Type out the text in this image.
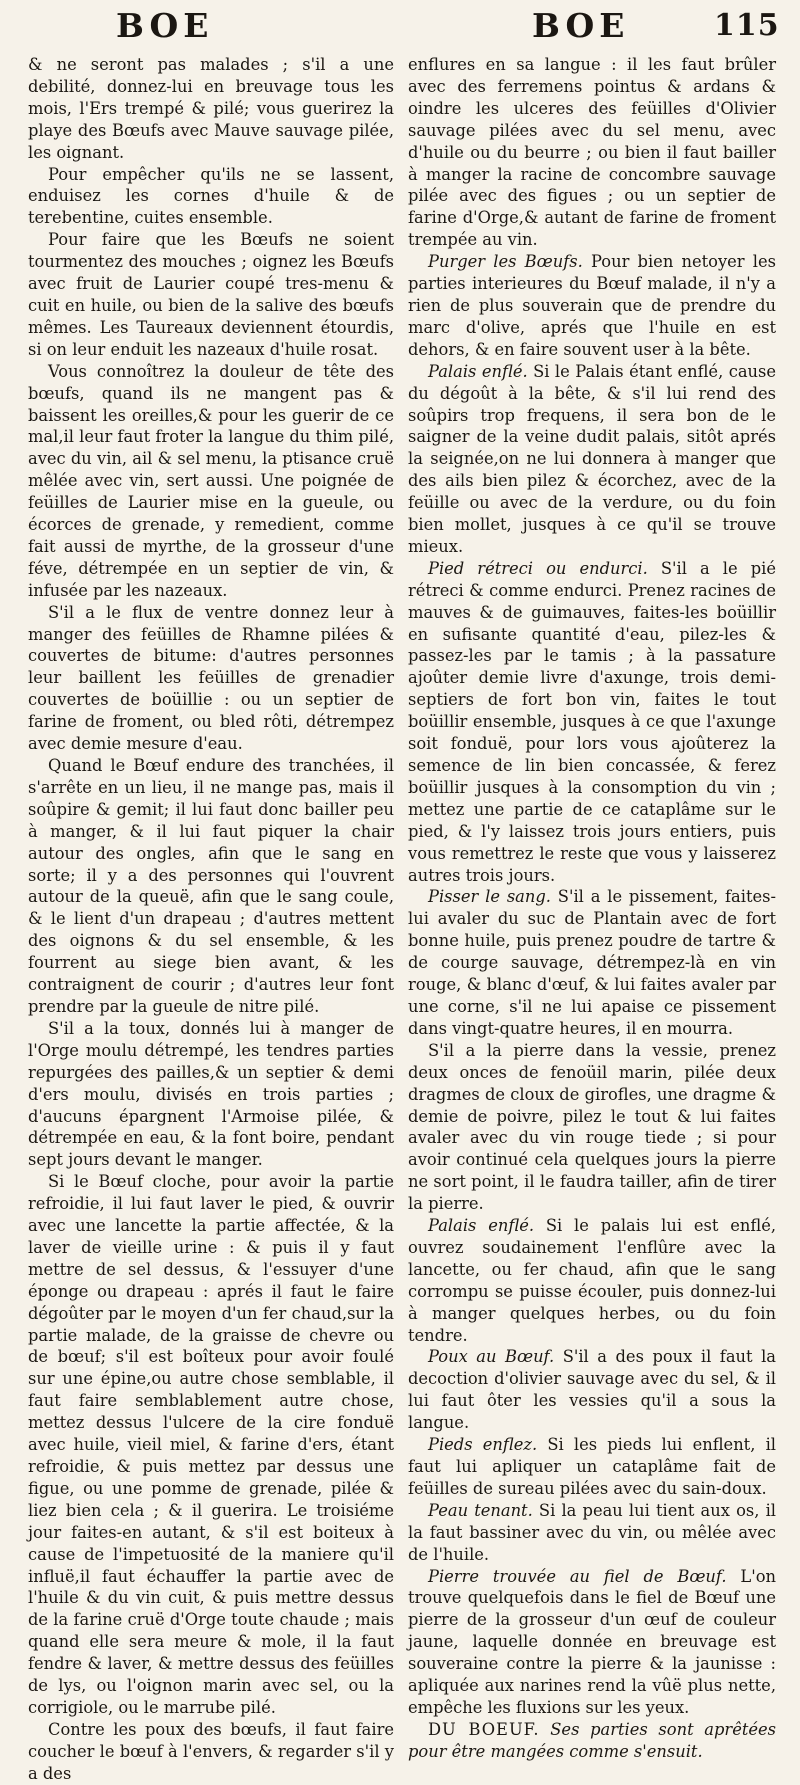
BOE	BOE	115

& ne seront pas malades ; s'il a une debilité, donnez-lui en breuvage tous les mois, l'Ers trempé & pilé; vous guerirez la playe des Bœufs avec Mauve sauvage pilée, les oignant.

Pour empêcher qu'ils ne se lassent, enduisez les cornes d'huile & de terebentine, cuites ensemble.

Pour faire que les Bœufs ne soient tourmentez des mouches ; oignez les Bœufs avec fruit de Laurier coupé tres-menu & cuit en huile, ou bien de la salive des bœufs mêmes. Les Taureaux deviennent étourdis, si on leur enduit les nazeaux d'huile rosat.

Vous connoîtrez la douleur de tête des bœufs, quand ils ne mangent pas & baissent les oreilles,& pour les guerir de ce mal,il leur faut froter la langue du thim pilé, avec du vin, ail & sel menu, la ptisance cruë mêlée avec vin, sert aussi. Une poignée de feüilles de Laurier mise en la gueule, ou écorces de grenade, y remedient, comme fait aussi de myrthe, de la grosseur d'une féve, détrempée en un septier de vin, & infusée par les nazeaux.

S'il a le flux de ventre donnez leur à manger des feüilles de Rhamne pilées & couvertes de bitume: d'autres personnes leur baillent les feüilles de grenadier couvertes de boüillie : ou un septier de farine de froment, ou bled rôti, détrempez avec demie mesure d'eau.

Quand le Bœuf endure des tranchées, il s'arrête en un lieu, il ne mange pas, mais il soûpire & gemit; il lui faut donc bailler peu à manger, & il lui faut piquer la chair autour des ongles, afin que le sang en sorte; il y a des personnes qui l'ouvrent autour de la queuë, afin que le sang coule, & le lient d'un drapeau ; d'autres mettent des oignons & du sel ensemble, & les fourrent au siege bien avant, & les contraignent de courir ; d'autres leur font prendre par la gueule de nitre pilé.

S'il a la toux, donnés lui à manger de l'Orge moulu détrempé, les tendres parties repurgées des pailles,& un septier & demi d'ers moulu, divisés en trois parties ; d'aucuns épargnent l'Armoise pilée, & détrempée en eau, & la font boire, pendant sept jours devant le manger.

Si le Bœuf cloche, pour avoir la partie refroidie, il lui faut laver le pied, & ouvrir avec une lancette la partie affectée, & la laver de vieille urine : & puis il y faut mettre de sel dessus, & l'essuyer d'une éponge ou drapeau : aprés il faut le faire dégoûter par le moyen d'un fer chaud,sur la partie malade, de la graisse de chevre ou de bœuf; s'il est boîteux pour avoir foulé sur une épine,ou autre chose semblable, il faut faire semblablement autre chose, mettez dessus l'ulcere de la cire fonduë avec huile, vieil miel, & farine d'ers, étant refroidie, & puis mettez par dessus une figue, ou une pomme de grenade, pilée & liez bien cela ; & il guerira. Le troisiéme jour faites-en autant, & s'il est boiteux à cause de l'impetuosité de la maniere qu'il influë,il faut échauffer la partie avec de l'huile & du vin cuit, & puis mettre dessus de la farine cruë d'Orge toute chaude ; mais quand elle sera meure & mole, il la faut fendre & laver, & mettre dessus des feüilles de lys, ou l'oignon marin avec sel, ou la corrigiole, ou le marrube pilé.

Contre les poux des bœufs, il faut faire coucher le bœuf à l'envers, & regarder s'il y a des

enflures en sa langue : il les faut brûler avec des ferremens pointus & ardans & oindre les ulceres des feüilles d'Olivier sauvage pilées avec du sel menu, avec d'huile ou du beurre ; ou bien il faut bailler à manger la racine de concombre sauvage pilée avec des figues ; ou un septier de farine d'Orge,& autant de farine de froment trempée au vin.

Purger les Bœufs. Pour bien netoyer les parties interieures du Bœuf malade, il n'y a rien de plus souverain que de prendre du marc d'olive, aprés que l'huile en est dehors, & en faire souvent user à la bête.

Palais enflé. Si le Palais étant enflé, cause du dégoût à la bête, & s'il lui rend des soûpirs trop frequens, il sera bon de le saigner de la veine dudit palais, sitôt aprés la seignée,on ne lui donnera à manger que des ails bien pilez & écorchez, avec de la feüille ou avec de la verdure, ou du foin bien mollet, jusques à ce qu'il se trouve mieux.

Pied rétreci ou endurci. S'il a le pié rétreci & comme endurci. Prenez racines de mauves & de guimauves, faites-les boüillir en sufisante quantité d'eau, pilez-les & passez-les par le tamis ; à la passature ajoûter demie livre d'axunge, trois demi-septiers de fort bon vin, faites le tout boüillir ensemble, jusques à ce que l'axunge soit fonduë, pour lors vous ajoûterez la semence de lin bien concassée, & ferez boüillir jusques à la consomption du vin ; mettez une partie de ce cataplâme sur le pied, & l'y laissez trois jours entiers, puis vous remettrez le reste que vous y laisserez autres trois jours.

Pisser le sang. S'il a le pissement, faites-lui avaler du suc de Plantain avec de fort bonne huile, puis prenez poudre de tartre & de courge sauvage, détrempez-là en vin rouge, & blanc d'œuf, & lui faites avaler par une corne, s'il ne lui apaise ce pissement dans vingt-quatre heures, il en mourra.

S'il a la pierre dans la vessie, prenez deux onces de fenoüil marin, pilée deux dragmes de cloux de girofles, une dragme & demie de poivre, pilez le tout & lui faites avaler avec du vin rouge tiede ; si pour avoir continué cela quelques jours la pierre ne sort point, il le faudra tailler, afin de tirer la pierre.

Palais enflé. Si le palais lui est enflé, ouvrez soudainement l'enflûre avec la lancette, ou fer chaud, afin que le sang corrompu se puisse écouler, puis donnez-lui à manger quelques herbes, ou du foin tendre.

Poux au Bœuf. S'il a des poux il faut la decoction d'olivier sauvage avec du sel, & il lui faut ôter les vessies qu'il a sous la langue.

Pieds enflez. Si les pieds lui enflent, il faut lui apliquer un cataplâme fait de feüilles de sureau pilées avec du sain-doux.

Peau tenant. Si la peau lui tient aux os, il la faut bassiner avec du vin, ou mêlée avec de l'huile.

Pierre trouvée au fiel de Bœuf. L'on trouve quelquefois dans le fiel de Bœuf une pierre de la grosseur d'un œuf de couleur jaune, laquelle donnée en breuvage est souveraine contre la pierre & la jaunisse : apliquée aux narines rend la vûë plus nette, empêche les fluxions sur les yeux.

DU BOEUF. Ses parties sont aprêtées pour être mangées comme s'ensuit.
